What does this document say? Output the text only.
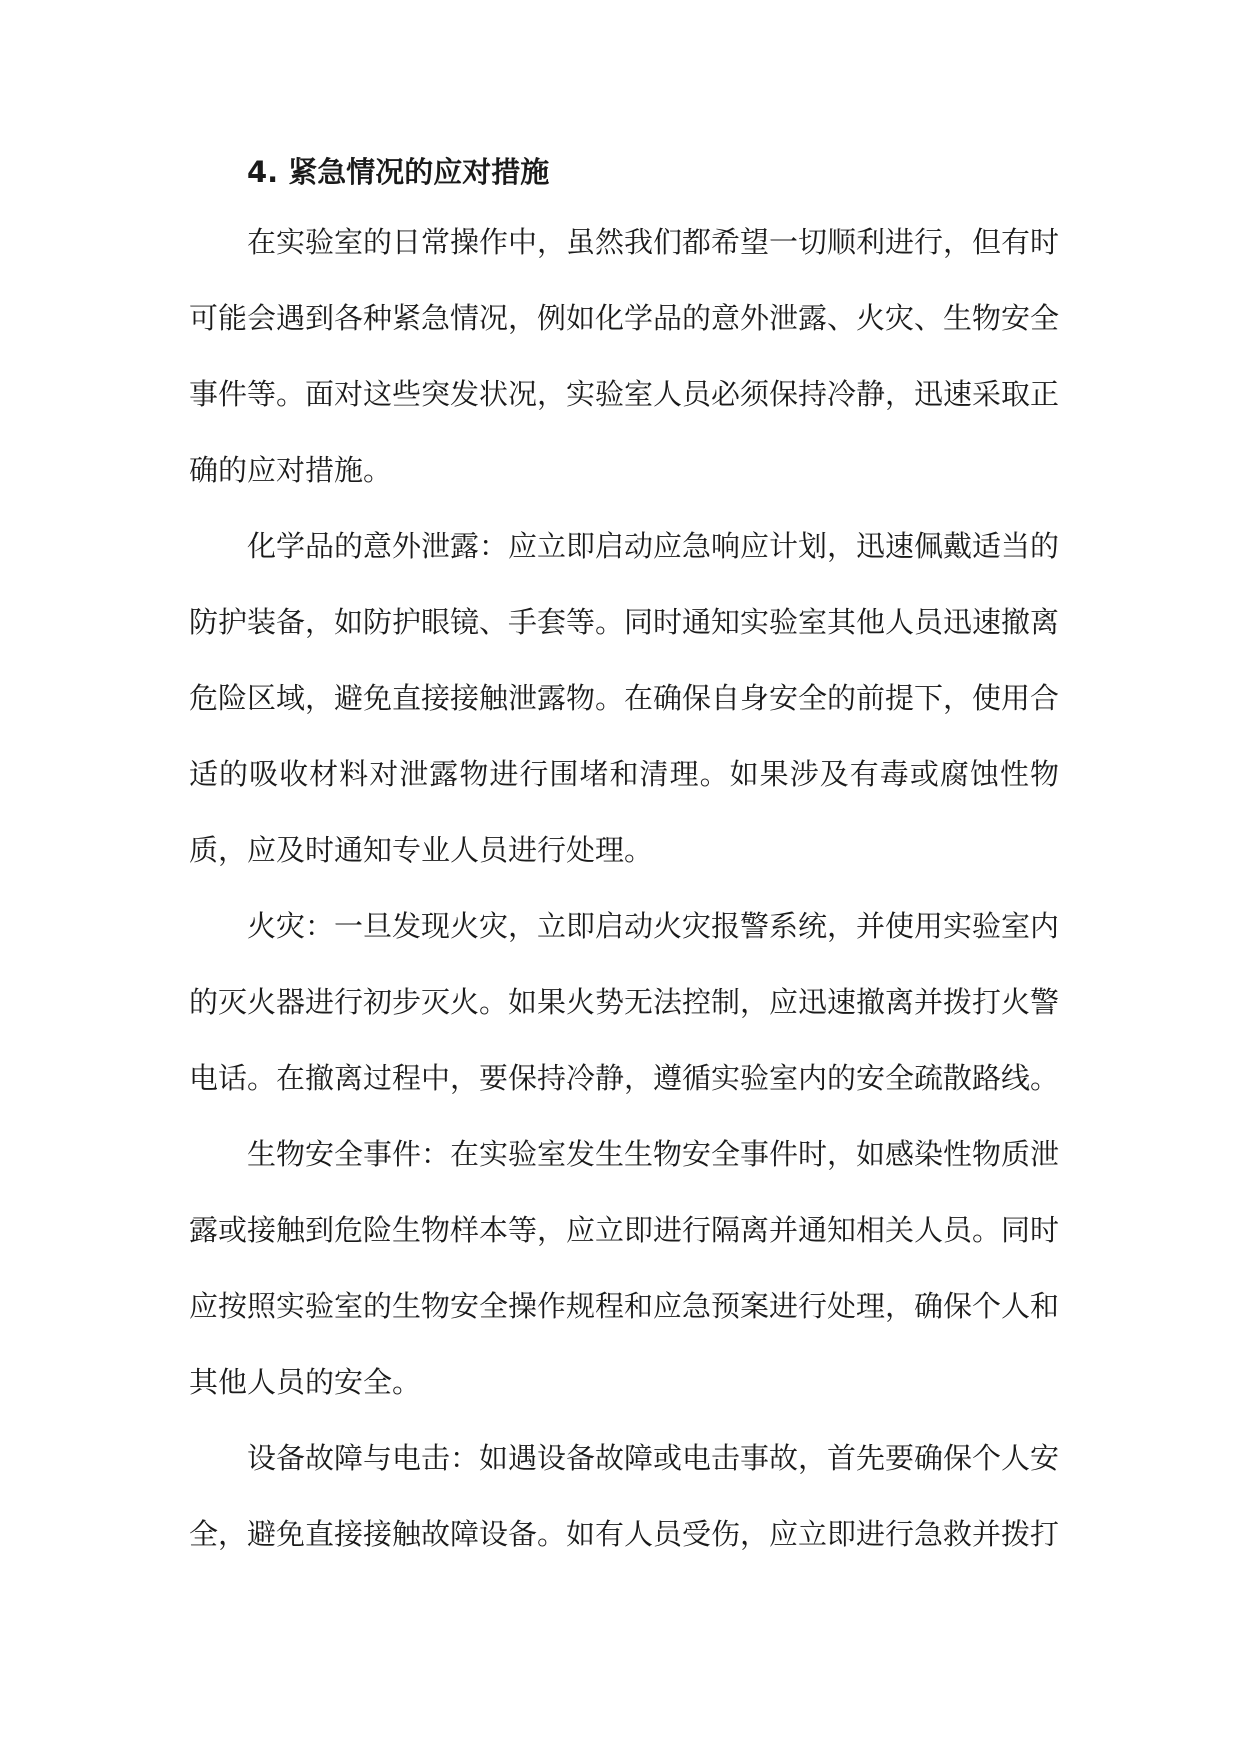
4. 紧急情况的应对措施

在实验室的日常操作中，虽然我们都希望一切顺利进行，但有时可能会遇到各种紧急情况，例如化学品的意外泄露、火灾、生物安全事件等。面对这些突发状况，实验室人员必须保持冷静，迅速采取正确的应对措施。

化学品的意外泄露：应立即启动应急响应计划，迅速佩戴适当的防护装备，如防护眼镜、手套等。同时通知实验室其他人员迅速撤离危险区域，避免直接接触泄露物。在确保自身安全的前提下，使用合适的吸收材料对泄露物进行围堵和清理。如果涉及有毒或腐蚀性物质，应及时通知专业人员进行处理。

火灾：一旦发现火灾，立即启动火灾报警系统，并使用实验室内的灭火器进行初步灭火。如果火势无法控制，应迅速撤离并拨打火警电话。在撤离过程中，要保持冷静，遵循实验室内的安全疏散路线。

生物安全事件：在实验室发生生物安全事件时，如感染性物质泄露或接触到危险生物样本等，应立即进行隔离并通知相关人员。同时应按照实验室的生物安全操作规程和应急预案进行处理，确保个人和其他人员的安全。

设备故障与电击：如遇设备故障或电击事故，首先要确保个人安全，避免直接接触故障设备。如有人员受伤，应立即进行急救并拨打
